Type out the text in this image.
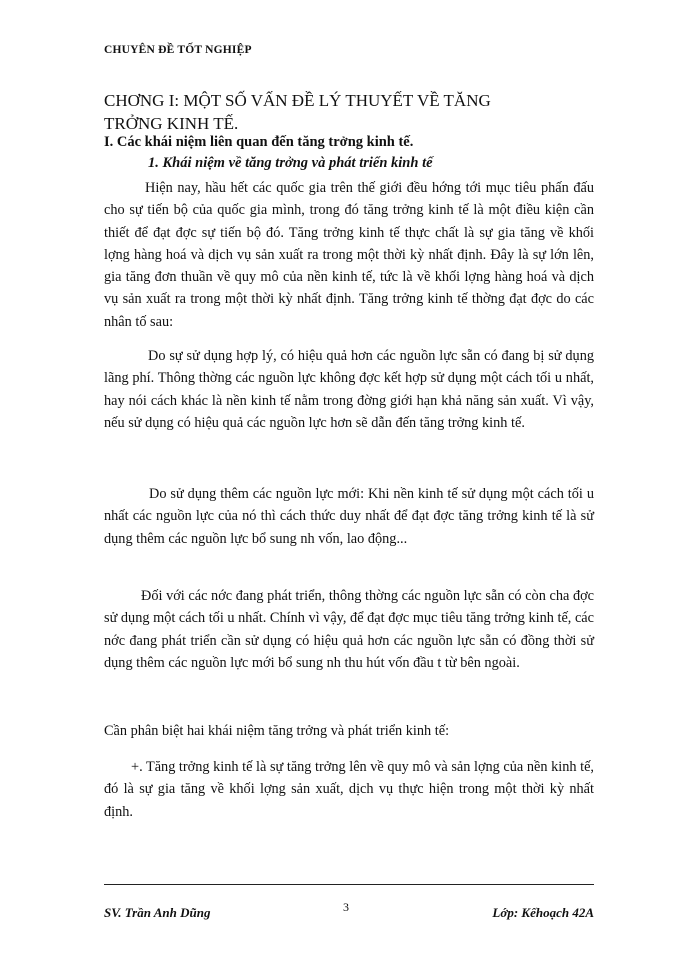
CHUYÊN ĐỀ TỐT NGHIỆP
CHƠNG I: MỘT SỐ VẤN ĐỀ LÝ THUYẾT VỀ TĂNG
TRỞNG KINH TẾ.
I. Các khái niệm liên quan đến tăng trởng kinh tế.
1. Khái niệm về tăng trởng và phát triển kinh tế

Hiện nay, hầu hết các quốc gia trên thế giới đều hớng tới mục tiêu phấn đấu cho sự tiến bộ của quốc gia mình, trong đó tăng trởng kinh tế là một điều kiện cần thiết để đạt đợc sự tiến bộ đó. Tăng trởng kinh tế thực chất là sự gia tăng về khối lợng hàng hoá và dịch vụ sản xuất ra trong một thời kỳ nhất định. Đây là sự lớn lên, gia tăng đơn thuần về quy mô của nền kinh tế, tức là về khối lợng hàng hoá và dịch vụ sản xuất ra trong một thời kỳ nhất định. Tăng trởng kinh tế thờng đạt đợc do các nhân tố sau:

Do sự sử dụng hợp lý, có hiệu quả hơn các nguồn lực sẵn có đang bị sử dụng lãng phí. Thông thờng các nguồn lực không đợc kết hợp sử dụng một cách tối u nhất, hay nói cách khác là nền kinh tế nằm trong đờng giới hạn khả năng sản xuất. Vì vậy, nếu sử dụng có hiệu quả các nguồn lực hơn sẽ dẫn đến tăng trởng kinh tế.

Do sử dụng thêm các nguồn lực mới: Khi nền kinh tế sử dụng một cách tối u nhất các nguồn lực của nó thì cách thức duy nhất để đạt đợc tăng trởng kinh tế là sử dụng thêm các nguồn lực bổ sung nh vốn, lao động...

Đối với các nớc đang phát triển, thông thờng các nguồn lực sẵn có còn cha đợc sử dụng một cách tối u nhất. Chính vì vậy, để đạt đợc mục tiêu tăng trởng kinh tế, các nớc đang phát triển cần sử dụng có hiệu quả hơn các nguồn lực sẵn có đồng thời sử dụng thêm các nguồn lực mới bổ sung nh thu hút vốn đầu t từ bên ngoài.

Cần phân biệt hai khái niệm tăng trởng và phát triển kinh tế:

+. Tăng trởng kinh tế là sự tăng trởng lên về quy mô và sản lợng của nền kinh tế, đó là sự gia tăng về khối lợng sản xuất, dịch vụ thực hiện trong một thời kỳ nhất định.

SV. Trần Anh Dũng	3	Lớp: Kếhoạch 42A
